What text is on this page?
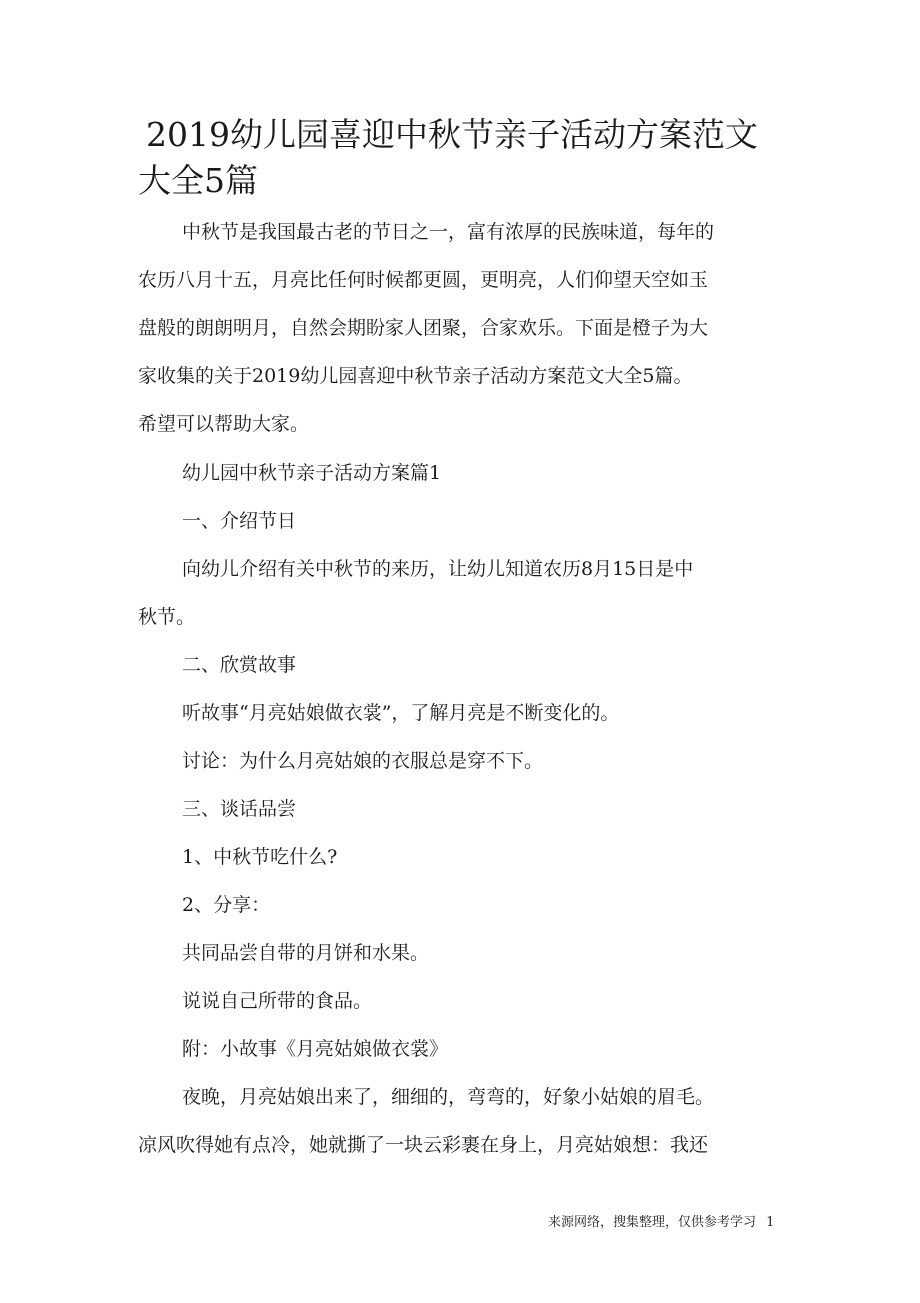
2019幼儿园喜迎中秋节亲子活动方案范文大全5篇

中秋节是我国最古老的节日之一，富有浓厚的民族味道，每年的

农历八月十五，月亮比任何时候都更圆，更明亮，人们仰望天空如玉

盘般的朗朗明月，自然会期盼家人团聚，合家欢乐。下面是橙子为大

家收集的关于2019幼儿园喜迎中秋节亲子活动方案范文大全5篇。

希望可以帮助大家。

幼儿园中秋节亲子活动方案篇1

一、介绍节日

向幼儿介绍有关中秋节的来历，让幼儿知道农历8月15日是中

秋节。

二、欣赏故事

听故事“月亮姑娘做衣裳”，了解月亮是不断变化的。

讨论：为什么月亮姑娘的衣服总是穿不下。

三、谈话品尝

1、中秋节吃什么?

2、分享：

共同品尝自带的月饼和水果。

说说自己所带的食品。

附：小故事《月亮姑娘做衣裳》

夜晚，月亮姑娘出来了，细细的，弯弯的，好象小姑娘的眉毛。

凉风吹得她有点冷，她就撕了一块云彩裹在身上，月亮姑娘想：我还

来源网络，搜集整理，仅供参考学习 1
